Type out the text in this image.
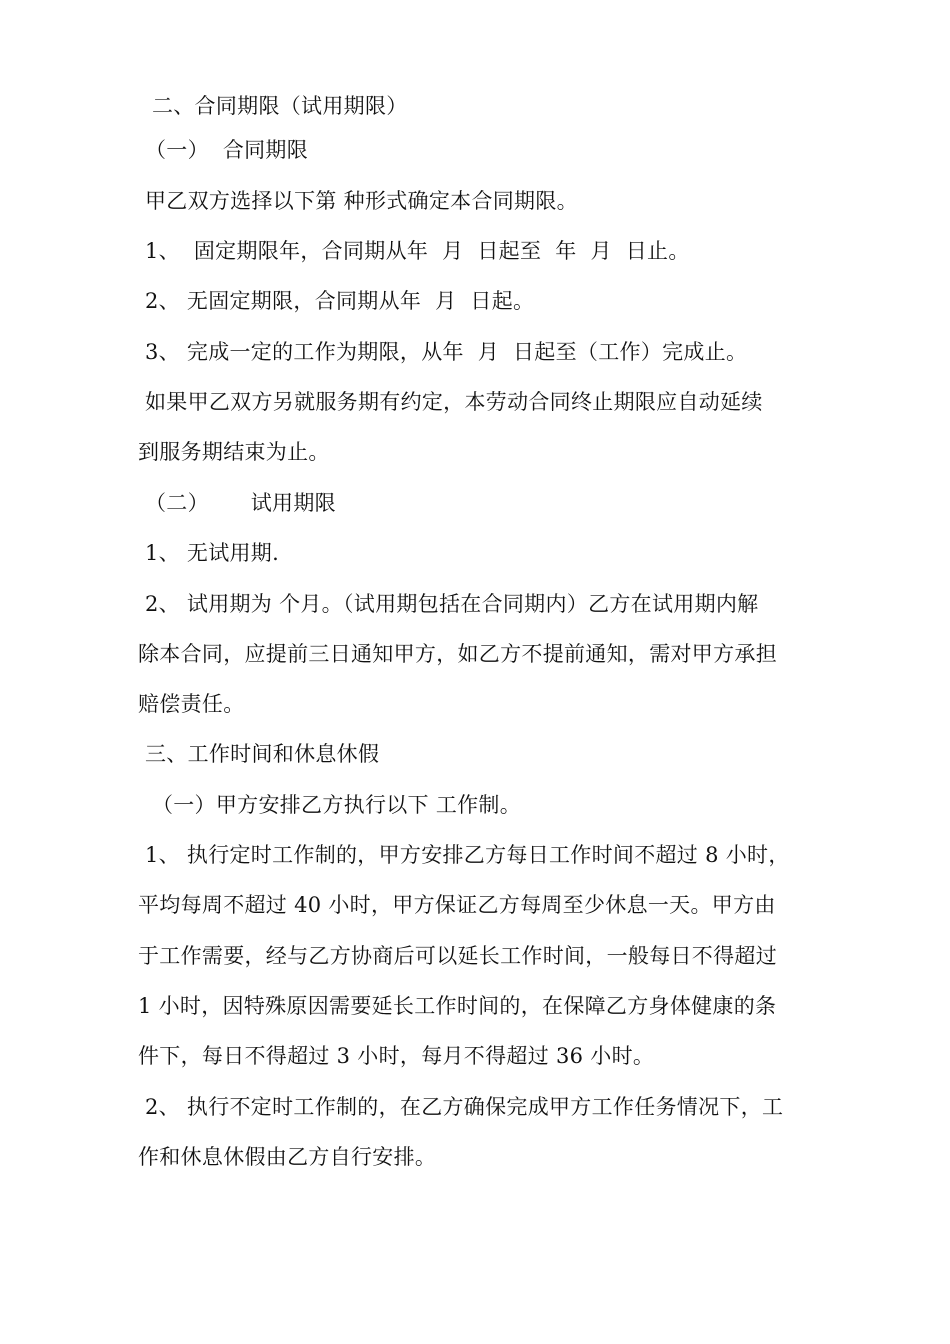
二、合同期限（试用期限）
（一）  合同期限
甲乙双方选择以下第 种形式确定本合同期限。
1、  固定期限年，合同期从年  月  日起至  年  月  日止。
2、 无固定期限，合同期从年  月  日起。
3、 完成一定的工作为期限，从年  月  日起至（工作）完成止。
如果甲乙双方另就服务期有约定，本劳动合同终止期限应自动延续
到服务期结束为止。
（二）      试用期限
1、 无试用期.
2、 试用期为 个月。（试用期包括在合同期内）乙方在试用期内解
除本合同，应提前三日通知甲方，如乙方不提前通知，需对甲方承担
赔偿责任。
三、工作时间和休息休假
（一）甲方安排乙方执行以下 工作制。
1、 执行定时工作制的，甲方安排乙方每日工作时间不超过 8 小时，
平均每周不超过 40 小时，甲方保证乙方每周至少休息一天。甲方由
于工作需要，经与乙方协商后可以延长工作时间，一般每日不得超过
1 小时，因特殊原因需要延长工作时间的，在保障乙方身体健康的条
件下，每日不得超过 3 小时，每月不得超过 36 小时。
2、 执行不定时工作制的，在乙方确保完成甲方工作任务情况下，工
作和休息休假由乙方自行安排。
